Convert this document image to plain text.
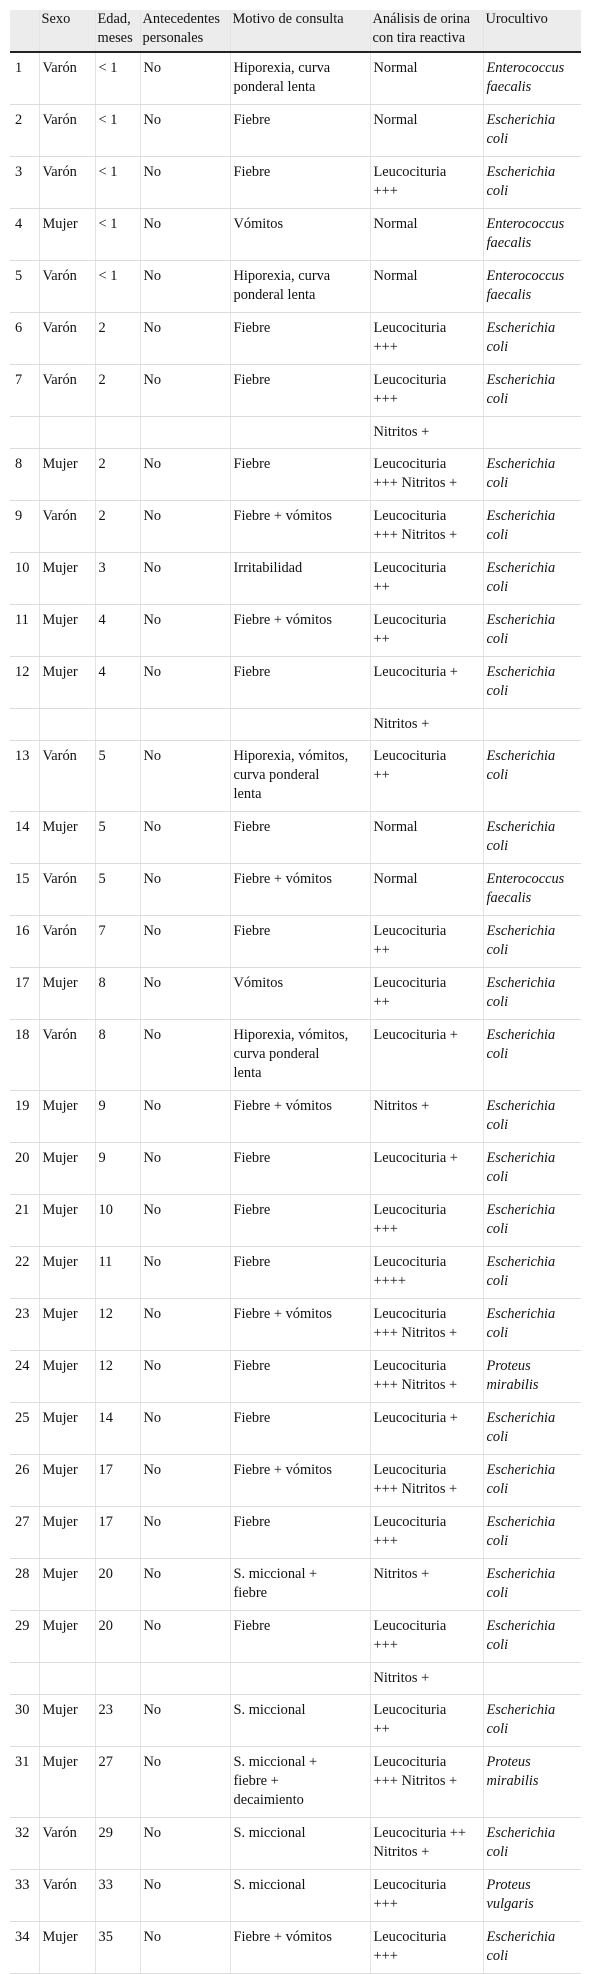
	Sexo	Edad,
meses	Antecedentes
personales	Motivo de consulta	Análisis de orina
con tira reactiva	Urocultivo
1	Varón	< 1	No	Hiporexia, curva
ponderal lenta	Normal	Enterococcus
faecalis
2	Varón	< 1	No	Fiebre	Normal	Escherichia
coli
3	Varón	< 1	No	Fiebre	Leucocituria
+++	Escherichia
coli
4	Mujer	< 1	No	Vómitos	Normal	Enterococcus
faecalis
5	Varón	< 1	No	Hiporexia, curva
ponderal lenta	Normal	Enterococcus
faecalis
6	Varón	2	No	Fiebre	Leucocituria
+++	Escherichia
coli
7	Varón	2	No	Fiebre	Leucocituria
+++	Escherichia
coli
					Nitritos +	
8	Mujer	2	No	Fiebre	Leucocituria
+++ Nitritos +	Escherichia
coli
9	Varón	2	No	Fiebre + vómitos	Leucocituria
+++ Nitritos +	Escherichia
coli
10	Mujer	3	No	Irritabilidad	Leucocituria
++	Escherichia
coli
11	Mujer	4	No	Fiebre + vómitos	Leucocituria
++	Escherichia
coli
12	Mujer	4	No	Fiebre	Leucocituria +	Escherichia
coli
					Nitritos +	
13	Varón	5	No	Hiporexia, vómitos,
curva ponderal
lenta	Leucocituria
++	Escherichia
coli
14	Mujer	5	No	Fiebre	Normal	Escherichia
coli
15	Varón	5	No	Fiebre + vómitos	Normal	Enterococcus
faecalis
16	Varón	7	No	Fiebre	Leucocituria
++	Escherichia
coli
17	Mujer	8	No	Vómitos	Leucocituria
++	Escherichia
coli
18	Varón	8	No	Hiporexia, vómitos,
curva ponderal
lenta	Leucocituria +	Escherichia
coli
19	Mujer	9	No	Fiebre + vómitos	Nitritos +	Escherichia
coli
20	Mujer	9	No	Fiebre	Leucocituria +	Escherichia
coli
21	Mujer	10	No	Fiebre	Leucocituria
+++	Escherichia
coli
22	Mujer	11	No	Fiebre	Leucocituria
++++	Escherichia
coli
23	Mujer	12	No	Fiebre + vómitos	Leucocituria
+++ Nitritos +	Escherichia
coli
24	Mujer	12	No	Fiebre	Leucocituria
+++ Nitritos +	Proteus
mirabilis
25	Mujer	14	No	Fiebre	Leucocituria +	Escherichia
coli
26	Mujer	17	No	Fiebre + vómitos	Leucocituria
+++ Nitritos +	Escherichia
coli
27	Mujer	17	No	Fiebre	Leucocituria
+++	Escherichia
coli
28	Mujer	20	No	S. miccional +
fiebre	Nitritos +	Escherichia
coli
29	Mujer	20	No	Fiebre	Leucocituria
+++	Escherichia
coli
					Nitritos +	
30	Mujer	23	No	S. miccional	Leucocituria
++	Escherichia
coli
31	Mujer	27	No	S. miccional +
fiebre +
decaimiento	Leucocituria
+++ Nitritos +	Proteus
mirabilis
32	Varón	29	No	S. miccional	Leucocituria ++
Nitritos +	Escherichia
coli
33	Varón	33	No	S. miccional	Leucocituria
+++	Proteus
vulgaris
34	Mujer	35	No	Fiebre + vómitos	Leucocituria
+++	Escherichia
coli
